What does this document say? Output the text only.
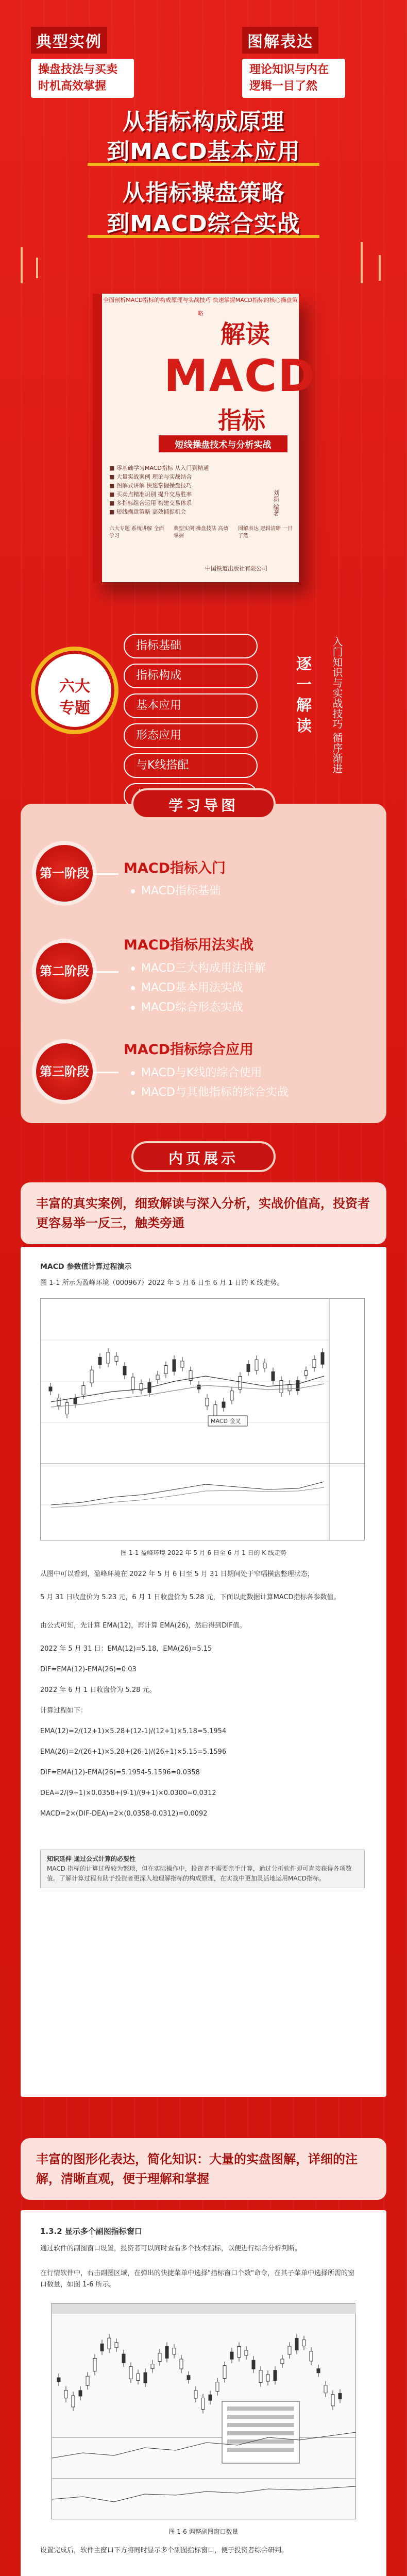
典型实例
操盘技法与买卖
时机高效掌握
图解表达
理论知识与内在
逻辑一目了然
从指标构成原理
到MACD基本应用
从指标操盘策略
到MACD综合实战
全面剖析MACD指标的构成原理与实战技巧 快速掌握MACD指标的核心操盘策略
解读
MACD
指标
短线操盘技术与分析实战
■ 零基础学习MACD指标 从入门到精通
■ 大量实战案例 理论与实战结合
■ 图解式讲解 快速掌握操盘技巧
■ 买卖点精准识别 提升交易胜率
■ 多指标组合运用 构建交易体系
■ 短线操盘策略 高效捕捉机会	刘新 编著
六大专题 系统讲解 全面学习
典型实例 操盘技法 高效掌握
图解表达 逻辑清晰 一目了然
中国铁道出版社有限公司
六大
专题
指标基础
指标构成
基本应用
形态应用
与K线搭配
逐
一
解
读	入门知识与实战技巧 循序渐进
学习导图
第一阶段 MACD指标入门
MACD指标基础
第二阶段
MACD指标用法实战
MACD三大构成用法详解
MACD基本用法实战
MACD综合形态实战
第三阶段
MACD指标综合应用
MACD与K线的综合使用
MACD与其他指标的综合实战
内页展示
丰富的真实案例，细致解读与深入分析，实战价值高，投资者更容易举一反三，触类旁通
MACD 参数值计算过程演示
图 1-1 所示为盈峰环境（000967）2022 年 5 月 6 日至 6 月 1 日的 K 线走势。
MACD 金叉
图 1-1 盈峰环境 2022 年 5 月 6 日至 6 月 1 日的 K 线走势
从图中可以看到，盈峰环境在 2022 年 5 月 6 日至 5 月 31 日期间处于窄幅横盘整理状态，
5 月 31 日收盘价为 5.23 元，6 月 1 日收盘价为 5.28 元，下面以此数据计算MACD指标各参数值。
由公式可知，先计算 EMA(12)，再计算 EMA(26)，然后得到DIF值。
2022 年 5 月 31 日：EMA(12)=5.18，EMA(26)=5.15
DIF=EMA(12)-EMA(26)=0.03
2022 年 6 月 1 日收盘价为 5.28 元。
计算过程如下：
EMA(12)=2/(12+1)×5.28+(12-1)/(12+1)×5.18=5.1954
EMA(26)=2/(26+1)×5.28+(26-1)/(26+1)×5.15=5.1596
DIF=EMA(12)-EMA(26)=5.1954-5.1596=0.0358
DEA=2/(9+1)×0.0358+(9-1)/(9+1)×0.0300=0.0312
MACD=2×(DIF-DEA)=2×(0.0358-0.0312)=0.0092
知识延伸 通过公式计算的必要性
MACD 指标的计算过程较为繁琐，但在实际操作中，投资者不需要亲手计算，通过分析软件即可直接获得各项数值。了解计算过程有助于投资者更深入地理解指标的构成原理，在实战中更加灵活地运用MACD指标。
丰富的图形化表达，简化知识：大量的实盘图解，详细的注解，清晰直观，便于理解和掌握
1.3.2 显示多个副图指标窗口
通过软件的副图窗口设置，投资者可以同时查看多个技术指标，以便进行综合分析判断。
在行情软件中，右击副图区域，在弹出的快捷菜单中选择"指标窗口个数"命令，在其子菜单中选择所需的窗口数量，如图 1-6 所示。
图 1-6 调整副图窗口数量
设置完成后，软件主窗口下方将同时显示多个副图指标窗口，便于投资者综合研判。
